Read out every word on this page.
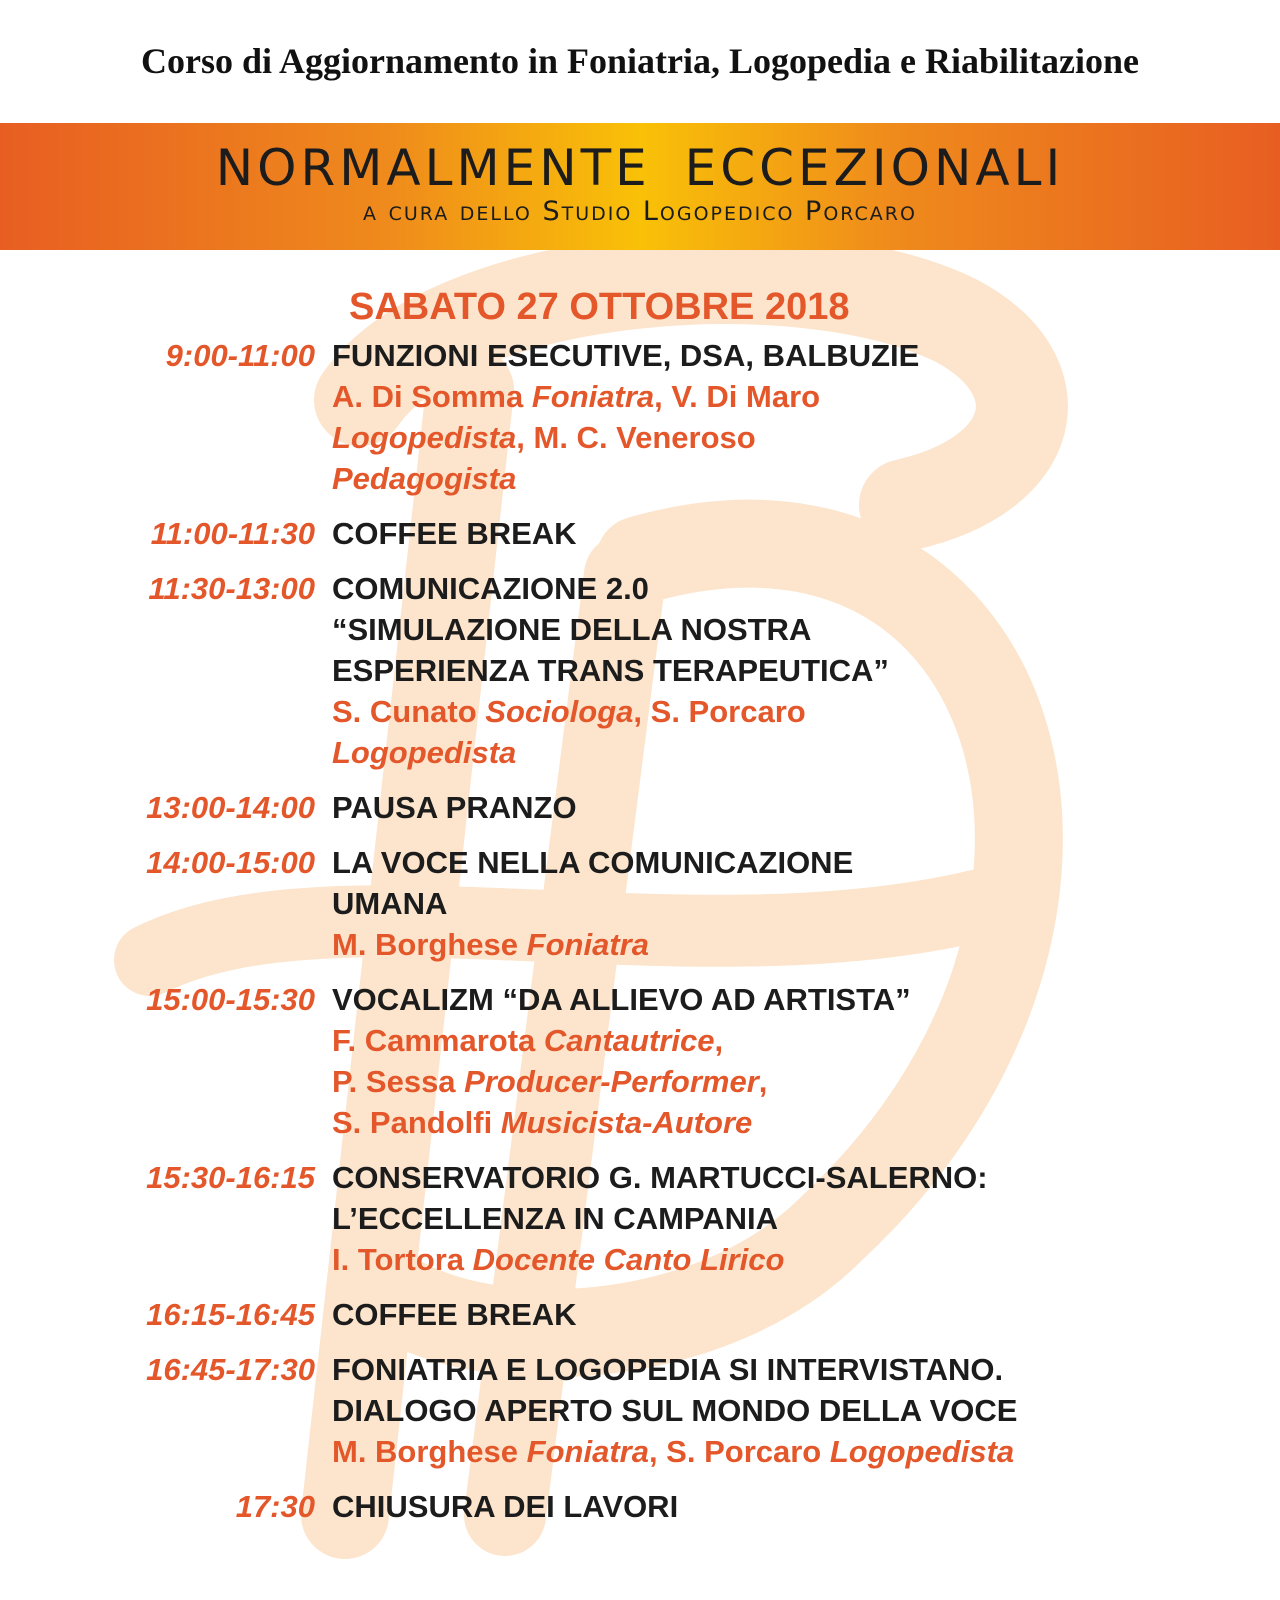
Corso di Aggiornamento in Foniatria, Logopedia e Riabilitazione
NORMALMENTE ECCEZIONALI
a cura dello Studio Logopedico Porcaro
SABATO 27 OTTOBRE 2018
9:00-11:00 FUNZIONI ESECUTIVE, DSA, BALBUZIE
A. Di Somma Foniatra, V. Di Maro
Logopedista, M. C. Veneroso
Pedagogista
11:00-11:30 COFFEE BREAK
11:30-13:00 COMUNICAZIONE 2.0
“SIMULAZIONE DELLA NOSTRA
ESPERIENZA TRANS TERAPEUTICA”
S. Cunato Sociologa, S. Porcaro
Logopedista
13:00-14:00 PAUSA PRANZO
14:00-15:00 LA VOCE NELLA COMUNICAZIONE
UMANA
M. Borghese Foniatra
15:00-15:30 VOCALIZM “DA ALLIEVO AD ARTISTA”
F. Cammarota Cantautrice,
P. Sessa Producer-Performer,
S. Pandolfi Musicista-Autore
15:30-16:15 CONSERVATORIO G. MARTUCCI-SALERNO:
L’ECCELLENZA IN CAMPANIA
I. Tortora Docente Canto Lirico
16:15-16:45 COFFEE BREAK
16:45-17:30 FONIATRIA E LOGOPEDIA SI INTERVISTANO.
DIALOGO APERTO SUL MONDO DELLA VOCE
M. Borghese Foniatra, S. Porcaro Logopedista
17:30 CHIUSURA DEI LAVORI
